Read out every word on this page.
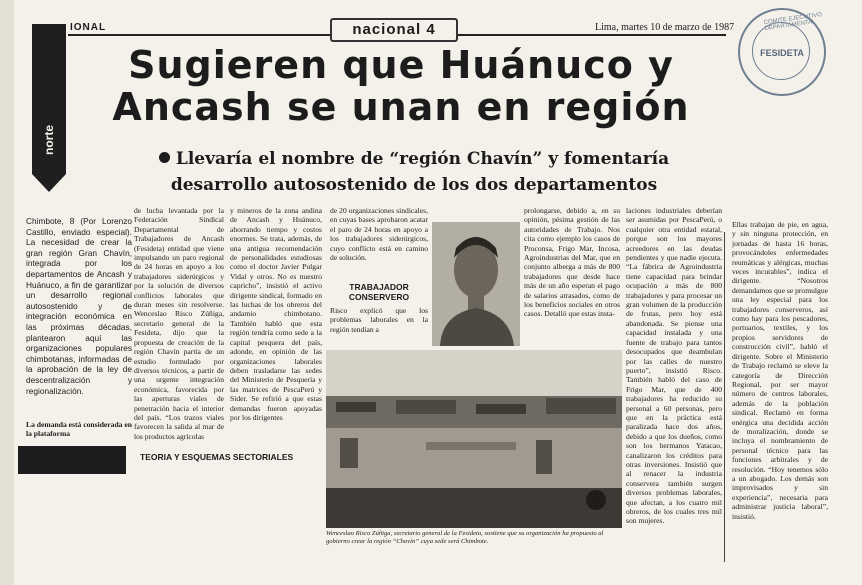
IONAL	nacional 4	Lima, martes 10 de marzo de 1987
COMITE EJECUTIVO DEPARTAMENTAL
FESIDETA
norte
Sugieren que Huánuco y
Ancash se unan en región
Llevaría el nombre de “región Chavín” y fomentaría
desarrollo autosostenido de los dos departamentos

Chimbote, 8 (Por Lorenzo Castillo, enviado especial). La necesidad de crear la gran región Gran Chavín, integrada por los departamentos de Ancash y Huánuco, a fin de garantizar un desarrollo regional autosostenido y de integración económica en las próximas décadas, plantearon aquí las organizaciones populares chimbotanas, informadas de la aprobación de la ley de descentralización y regionalización.

La demanda está considerada en la plataforma

de lucha levantada por la Federación Sindical Departamental de Trabajadores de Ancash (Fesideta) entidad que viene impulsando un paro regional de 24 horas en apoyo a los trabajadores siderúrgicos y por la solución de diversos conflictos laborales que duran meses sin resolverse. Wenceslao Risco Zúñiga, secretario general de la Fesideta, dijo que la propuesta de creación de la región Chavín partía de un estudio formulado por diversos técnicos, a partir de una urgente integración económica, favorecida por las aperturas viales de penetración hacia el interior del país. “Los trazos viales favorecen la salida al mar de los productos agrícolas

y mineros de la zona andina de Ancash y Huánuco, ahorrando tiempo y costos enormes. Se trata, además, de una antigua recomendación de personalidades estudiosas como el doctor Javier Pulgar Vidal y otros. No es nuestro capricho”, insistió el activo dirigente sindical, formado en las luchas de los obreros del andamio chimbotano. También habló que esta región tendría como sede a la capital pesquera del país, adonde, en opinión de las organizaciones laborales deben trasladarse las sedes del Ministerio de Pesquería y las matrices de PescaPerú y Sider. Se refirió a que estas demandas fueron apoyadas por los dirigentes

TEORIA Y ESQUEMAS SECTORIALES

de 20 organizaciones sindicales, en cuyas bases aprobaron acatar el paro de 24 horas en apoyo a los trabajadores siderúrgicos, cuyo conflicto está en camino de solución.

TRABAJADOR CONSERVERO

Risco explicó que los problemas laborales en la región tendían a

prolongarse, debido a, en su opinión, pésima gestión de las autoridades de Trabajo. Nos cita como ejemplo los casos de Proconsa, Frigo Mar, Incosa, Agroindustrias del Mar, que en conjunto alberga a más de 800 trabajadores que desde hace más de un año esperan el pago de salarios atrasados, como de los beneficios sociales en otros casos. Detalló que estas insta-

Wenceslao Risco Zúñiga, secretario general de la Fesideta, sostiene que su organización ha propuesto al gobierno crear la región “Chavín” cuya sede será Chimbote.

laciones industriales deberían ser asumidas por PescaPerú, o cualquier otra entidad estatal, porque son los mayores acreedores en las deudas pendientes y que nadie ejecuta. “La fábrica de Agroindustria tiene capacidad para brindar ocupación a más de 800 trabajadores y para procesar un gran volumen de la producción de frutas, pero hoy está abandonada. Se piense una capacidad instalada y una fuente de trabajo para tantos desocupados que deambulan por las calles de nuestro puerto”, insistió Risco. También habló del caso de Frigo Mar, que de 400 trabajadores ha reducido su personal a 60 personas, pero que en la práctica está paralizada hace dos años, debido a que los dueños, como son los hermanos Yatacao, canalizaron los créditos para otras inversiones. Insistió que al renacer la industria conservera también surgen diversos problemas laborales, que afectan, a los cuatro mil obreros, de los cuales tres mil son mujeres.

Ellas trabajan de pie, en agua, y sin ninguna protección, en jornadas de hasta 16 horas, provocándoles enfermedades reumáticas y alérgicas, muchas veces incurables”, indica el dirigente. “Nosotros demandamos que se promulgue una ley especial para los trabajadores conserveros, así como hay para los pescadores, portuarios, textiles, y los propios servidores de construcción civil”, habló el dirigente. Sobre el Ministerio de Trabajo reclamó se eleve la categoría de Dirección Regional, por ser mayor número de centros laborales, además de la población sindical. Reclamó en forma enérgica una decidida acción de moralización, donde se incluya el nombramiento de personal técnico para las funciones arbitrales y de resolución. “Hoy tenemos sólo a un abogado. Los demás son improvisados y sin experiencia”, necesaria para administrar justicia laboral”, insistió.
